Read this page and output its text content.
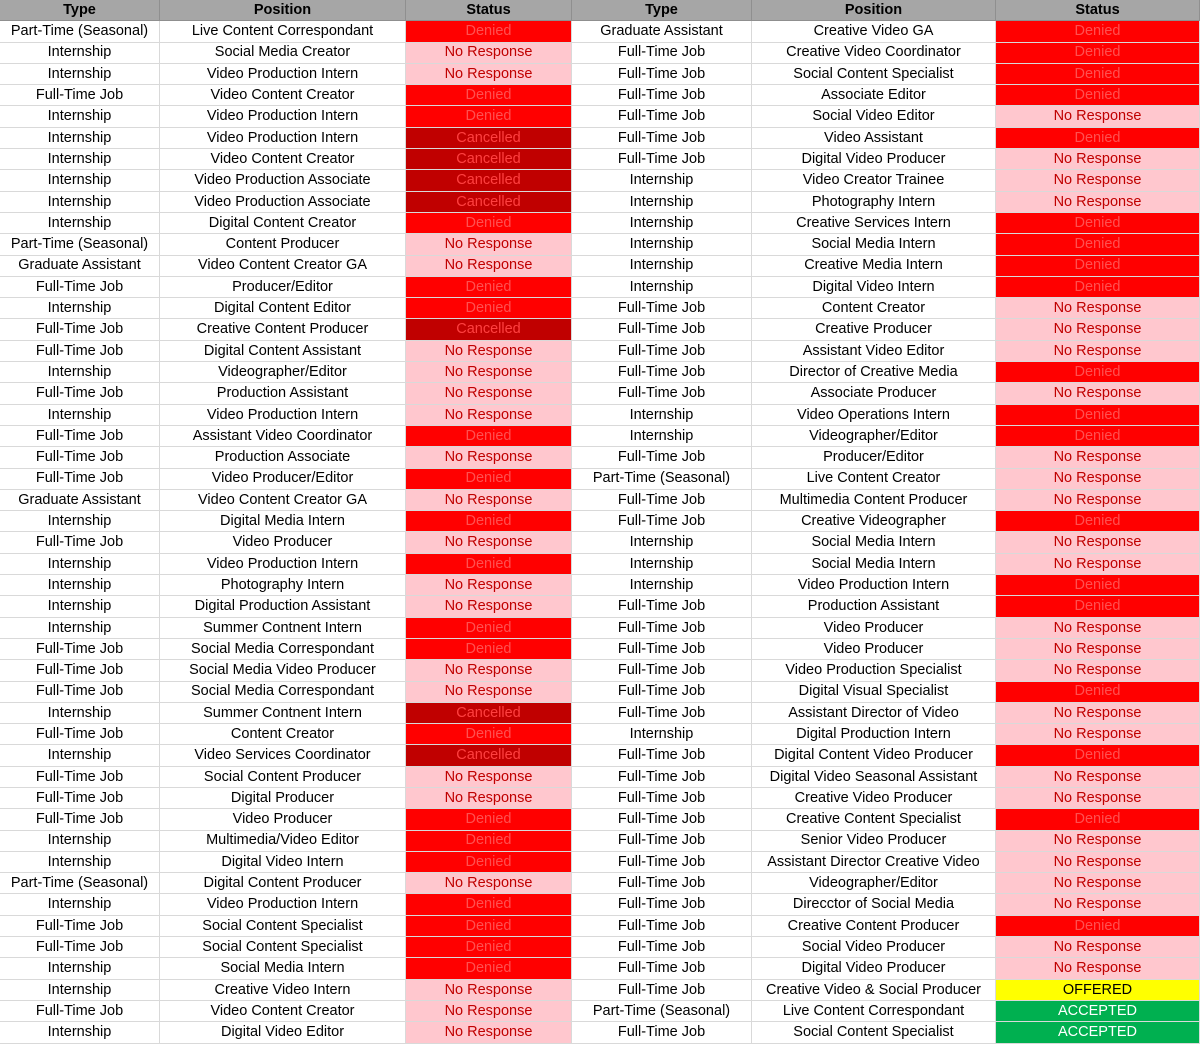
Type	Position	Status	Type	Position	Status
Part-Time (Seasonal)	Live Content Correspondant	Denied	Graduate Assistant	Creative Video GA	Denied
Internship	Social Media Creator	No Response	Full-Time Job	Creative Video Coordinator	Denied
Internship	Video Production Intern	No Response	Full-Time Job	Social Content Specialist	Denied
Full-Time Job	Video Content Creator	Denied	Full-Time Job	Associate Editor	Denied
Internship	Video Production Intern	Denied	Full-Time Job	Social Video Editor	No Response
Internship	Video Production Intern	Cancelled	Full-Time Job	Video Assistant	Denied
Internship	Video Content Creator	Cancelled	Full-Time Job	Digital Video Producer	No Response
Internship	Video Production Associate	Cancelled	Internship	Video Creator Trainee	No Response
Internship	Video Production Associate	Cancelled	Internship	Photography Intern	No Response
Internship	Digital Content Creator	Denied	Internship	Creative Services Intern	Denied
Part-Time (Seasonal)	Content Producer	No Response	Internship	Social Media Intern	Denied
Graduate Assistant	Video Content Creator GA	No Response	Internship	Creative Media Intern	Denied
Full-Time Job	Producer/Editor	Denied	Internship	Digital Video Intern	Denied
Internship	Digital Content Editor	Denied	Full-Time Job	Content Creator	No Response
Full-Time Job	Creative Content Producer	Cancelled	Full-Time Job	Creative Producer	No Response
Full-Time Job	Digital Content Assistant	No Response	Full-Time Job	Assistant Video Editor	No Response
Internship	Videographer/Editor	No Response	Full-Time Job	Director of Creative Media	Denied
Full-Time Job	Production Assistant	No Response	Full-Time Job	Associate Producer	No Response
Internship	Video Production Intern	No Response	Internship	Video Operations Intern	Denied
Full-Time Job	Assistant Video Coordinator	Denied	Internship	Videographer/Editor	Denied
Full-Time Job	Production Associate	No Response	Full-Time Job	Producer/Editor	No Response
Full-Time Job	Video Producer/Editor	Denied	Part-Time (Seasonal)	Live Content Creator	No Response
Graduate Assistant	Video Content Creator GA	No Response	Full-Time Job	Multimedia Content Producer	No Response
Internship	Digital Media Intern	Denied	Full-Time Job	Creative Videographer	Denied
Full-Time Job	Video Producer	No Response	Internship	Social Media Intern	No Response
Internship	Video Production Intern	Denied	Internship	Social Media Intern	No Response
Internship	Photography Intern	No Response	Internship	Video Production Intern	Denied
Internship	Digital Production Assistant	No Response	Full-Time Job	Production Assistant	Denied
Internship	Summer Contnent Intern	Denied	Full-Time Job	Video Producer	No Response
Full-Time Job	Social Media Correspondant	Denied	Full-Time Job	Video Producer	No Response
Full-Time Job	Social Media Video Producer	No Response	Full-Time Job	Video Production Specialist	No Response
Full-Time Job	Social Media Correspondant	No Response	Full-Time Job	Digital Visual Specialist	Denied
Internship	Summer Contnent Intern	Cancelled	Full-Time Job	Assistant Director of Video	No Response
Full-Time Job	Content Creator	Denied	Internship	Digital Production Intern	No Response
Internship	Video Services Coordinator	Cancelled	Full-Time Job	Digital Content Video Producer	Denied
Full-Time Job	Social Content Producer	No Response	Full-Time Job	Digital Video Seasonal Assistant	No Response
Full-Time Job	Digital Producer	No Response	Full-Time Job	Creative Video Producer	No Response
Full-Time Job	Video Producer	Denied	Full-Time Job	Creative Content Specialist	Denied
Internship	Multimedia/Video Editor	Denied	Full-Time Job	Senior Video Producer	No Response
Internship	Digital Video Intern	Denied	Full-Time Job	Assistant Director Creative Video	No Response
Part-Time (Seasonal)	Digital Content Producer	No Response	Full-Time Job	Videographer/Editor	No Response
Internship	Video Production Intern	Denied	Full-Time Job	Direcctor of Social Media	No Response
Full-Time Job	Social Content Specialist	Denied	Full-Time Job	Creative Content Producer	Denied
Full-Time Job	Social Content Specialist	Denied	Full-Time Job	Social Video Producer	No Response
Internship	Social Media Intern	Denied	Full-Time Job	Digital Video Producer	No Response
Internship	Creative Video Intern	No Response	Full-Time Job	Creative Video & Social Producer	OFFERED
Full-Time Job	Video Content Creator	No Response	Part-Time (Seasonal)	Live Content Correspondant	ACCEPTED
Internship	Digital Video Editor	No Response	Full-Time Job	Social Content Specialist	ACCEPTED
